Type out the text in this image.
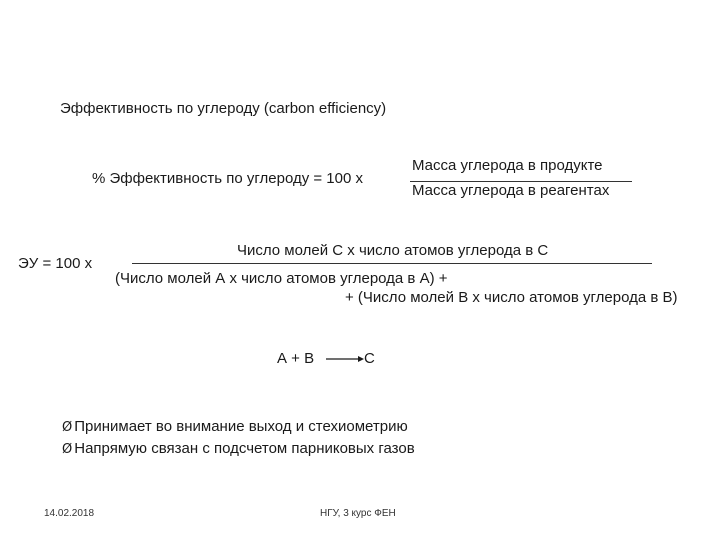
Эффективность по углероду (carbon efficiency)
% Эффективность по углероду = 100 x
Масса углерода в продукте
Масса углерода в реагентах
ЭУ = 100 x
Число молей С x число атомов углерода в С
(Число молей А x число атомов углерода в А) +
+ (Число молей В x число атомов углерода в В)
А + В	С
Ø Принимает во внимание выход и стехиометрию
Ø Напрямую связан с подсчетом парниковых газов
14.02.2018	НГУ, 3 курс ФЕН
